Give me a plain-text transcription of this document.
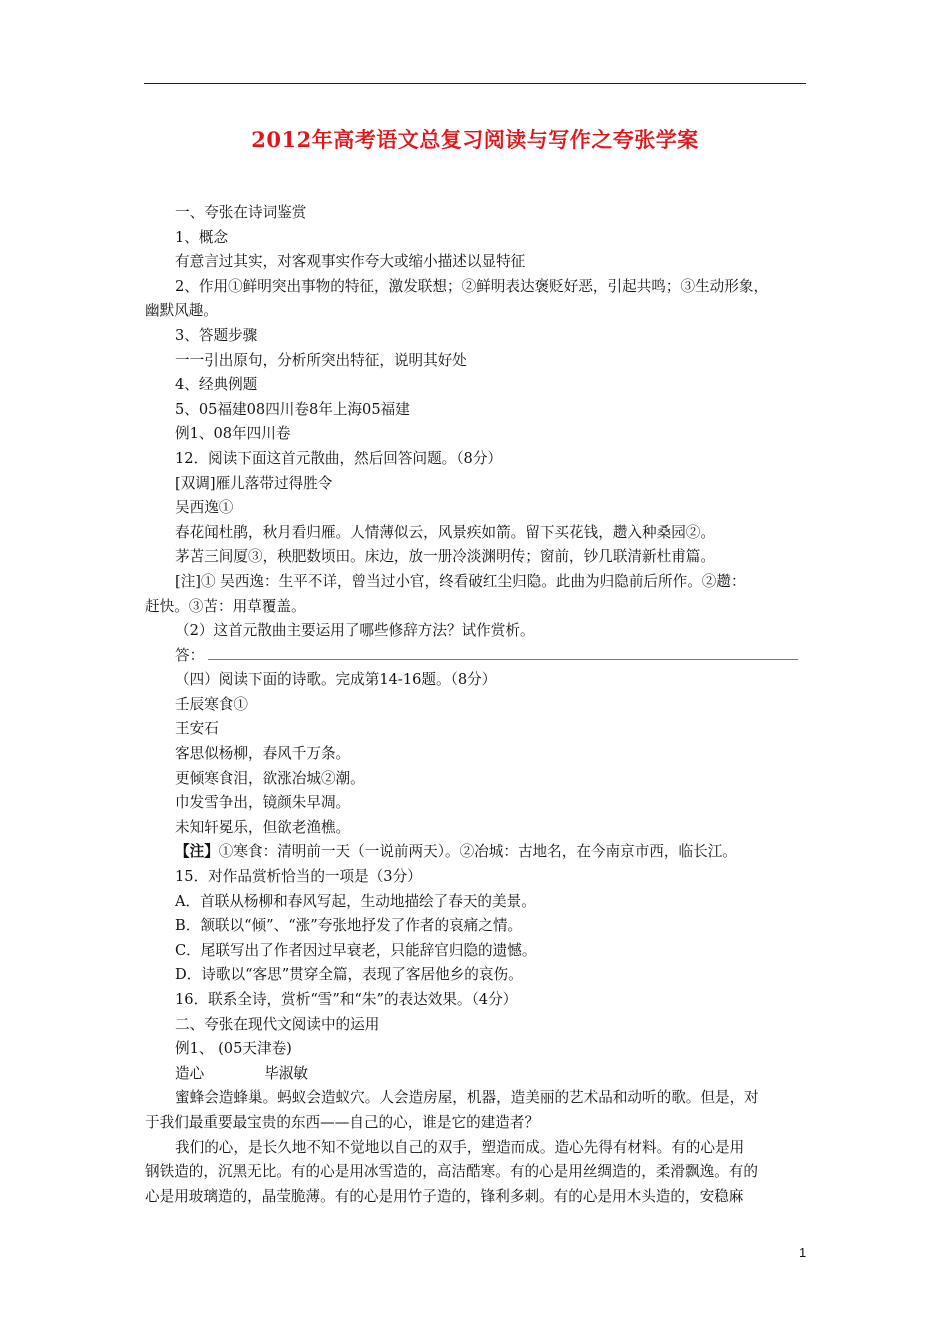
2012年高考语文总复习阅读与写作之夸张学案

一、夸张在诗词鉴赏

1、概念

有意言过其实，对客观事实作夸大或缩小描述以显特征

2、作用①鲜明突出事物的特征，激发联想；②鲜明表达褒贬好恶，引起共鸣；③生动形象，

幽默风趣。

3、答题步骤

一一引出原句，分析所突出特征，说明其好处

4、经典例题

5、05福建08四川卷8年上海05福建

例1、08年四川卷

12．阅读下面这首元散曲，然后回答问题。（8分）

[双调]雁儿落带过得胜令

吴西逸①

春花闻杜鹃，秋月看归雁。人情薄似云，风景疾如箭。留下买花钱，趱入种桑园②。

茅苫三间厦③，秧肥数顷田。床边，放一册冷淡渊明传；窗前，钞几联清新杜甫篇。

[注]① 吴西逸：生平不详，曾当过小官，终看破红尘归隐。此曲为归隐前后所作。②趱：

赶快。③苫：用草覆盖。

（2）这首元散曲主要运用了哪些修辞方法？试作赏析。

答：

（四）阅读下面的诗歌。完成第14-16题。（8分）

壬辰寒食①

王安石

客思似杨柳，春风千万条。

更倾寒食泪，欲涨冶城②潮。

巾发雪争出，镜颜朱早凋。

未知轩冕乐，但欲老渔樵。

【注】①寒食：清明前一天（一说前两天）。②冶城：古地名，在今南京市西，临长江。

15．对作品赏析恰当的一项是（3分）

A．首联从杨柳和春风写起，生动地描绘了春天的美景。

B．颔联以“倾”、“涨”夸张地抒发了作者的哀痛之情。

C．尾联写出了作者因过早衰老，只能辞官归隐的遗憾。

D．诗歌以“客思”贯穿全篇，表现了客居他乡的哀伤。

16．联系全诗，赏析“雪”和“朱”的表达效果。（4分）

二、夸张在现代文阅读中的运用

例1、 (05天津卷)

造心	毕淑敏

蜜蜂会造蜂巢。蚂蚁会造蚁穴。人会造房屋，机器，造美丽的艺术品和动听的歌。但是，对

于我们最重要最宝贵的东西——自己的心，谁是它的建造者？

我们的心，是长久地不知不觉地以自己的双手，塑造而成。造心先得有材料。有的心是用

钢铁造的，沉黑无比。有的心是用冰雪造的，高洁酷寒。有的心是用丝绸造的，柔滑飘逸。有的

心是用玻璃造的，晶莹脆薄。有的心是用竹子造的，锋利多刺。有的心是用木头造的，安稳麻

1
